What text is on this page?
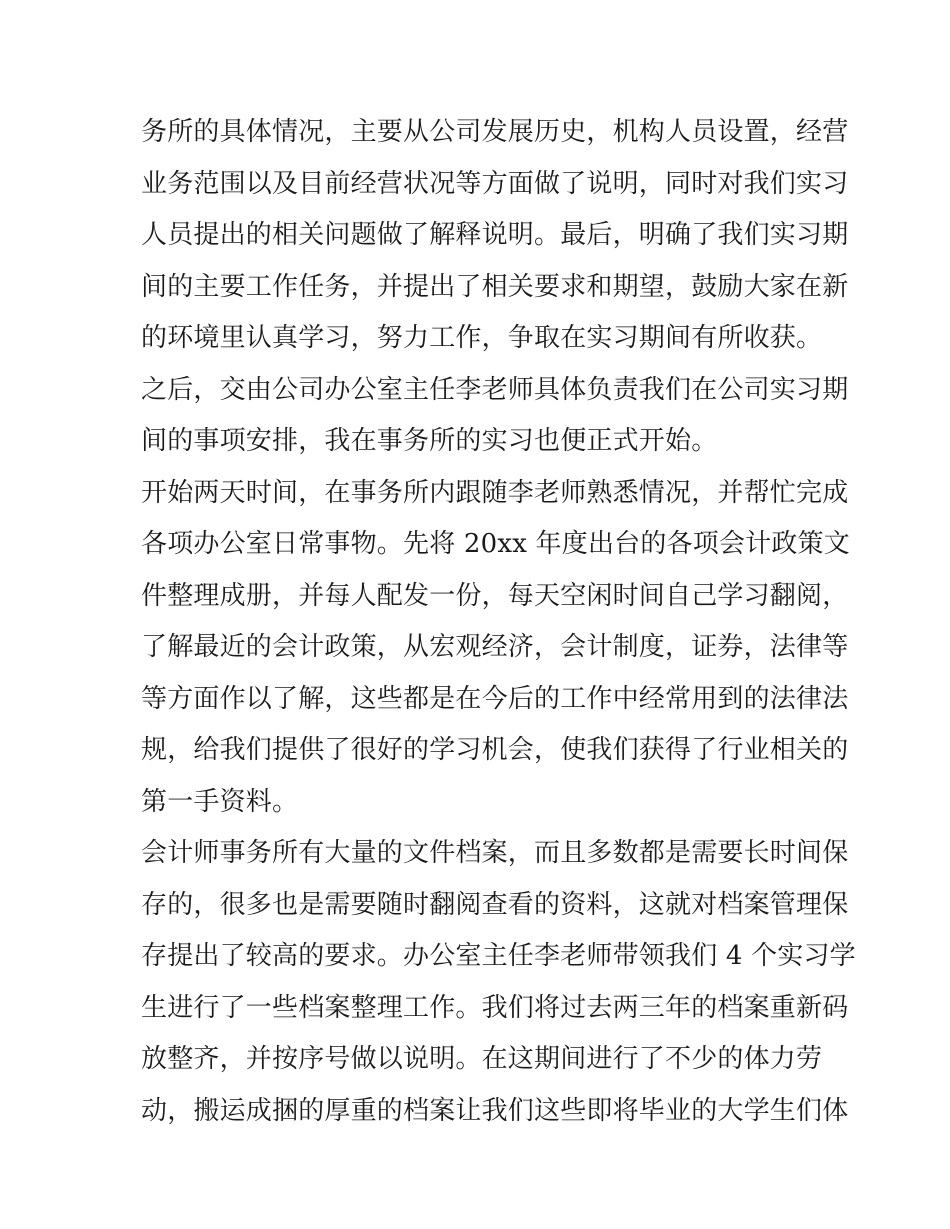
务所的具体情况，主要从公司发展历史，机构人员设置，经营
业务范围以及目前经营状况等方面做了说明，同时对我们实习
人员提出的相关问题做了解释说明。最后，明确了我们实习期
间的主要工作任务，并提出了相关要求和期望，鼓励大家在新
的环境里认真学习，努力工作，争取在实习期间有所收获。
之后，交由公司办公室主任李老师具体负责我们在公司实习期
间的事项安排，我在事务所的实习也便正式开始。
开始两天时间，在事务所内跟随李老师熟悉情况，并帮忙完成
各项办公室日常事物。先将 20xx 年度出台的各项会计政策文
件整理成册，并每人配发一份，每天空闲时间自己学习翻阅，
了解最近的会计政策，从宏观经济，会计制度，证券，法律等
等方面作以了解，这些都是在今后的工作中经常用到的法律法
规，给我们提供了很好的学习机会，使我们获得了行业相关的
第一手资料。
会计师事务所有大量的文件档案，而且多数都是需要长时间保
存的，很多也是需要随时翻阅查看的资料，这就对档案管理保
存提出了较高的要求。办公室主任李老师带领我们 4 个实习学
生进行了一些档案整理工作。我们将过去两三年的档案重新码
放整齐，并按序号做以说明。在这期间进行了不少的体力劳
动，搬运成捆的厚重的档案让我们这些即将毕业的大学生们体
